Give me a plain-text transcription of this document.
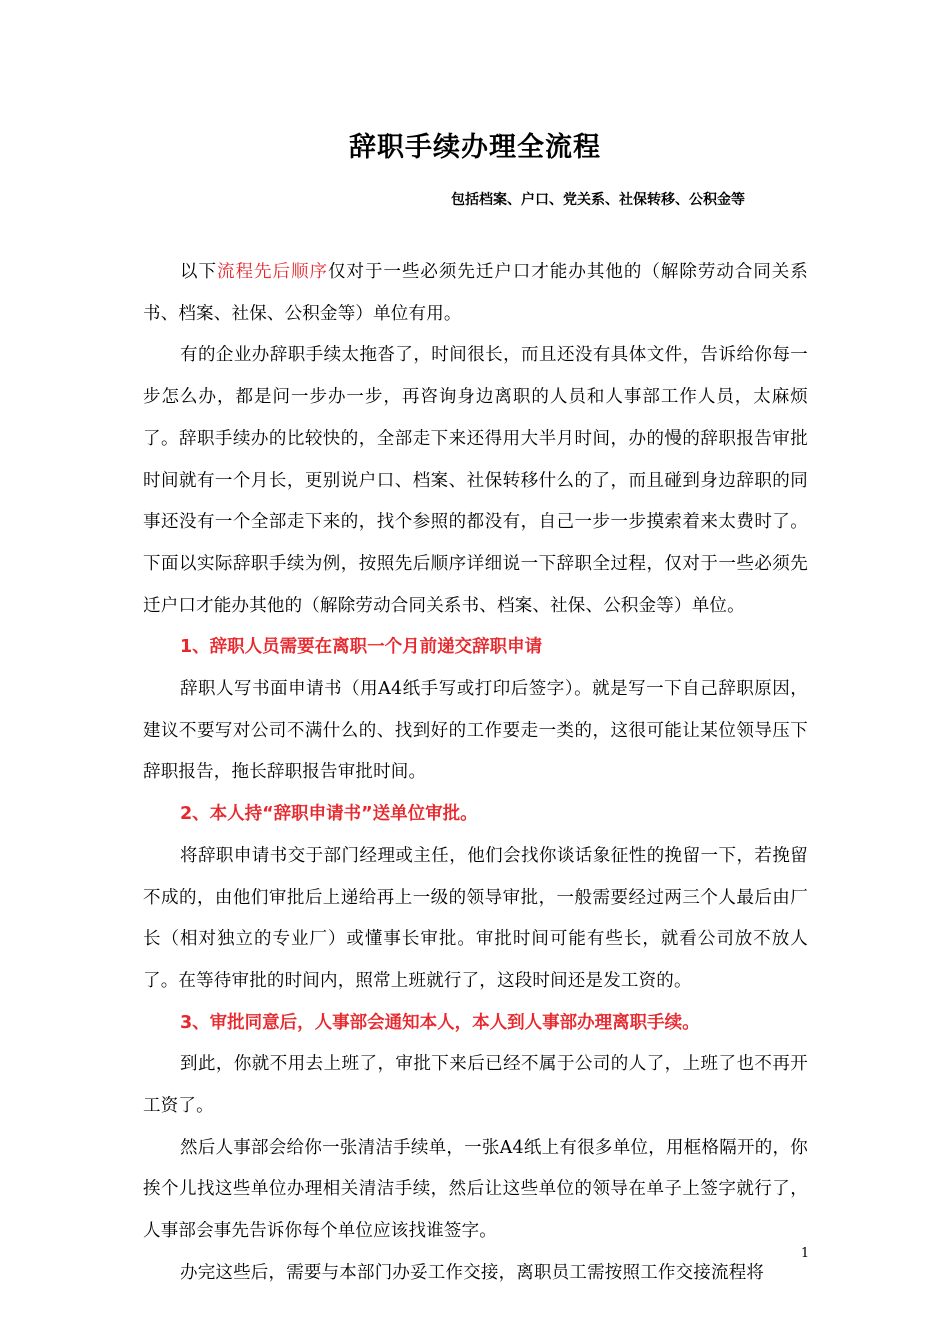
辞职手续办理全流程
包括档案、户口、党关系、社保转移、公积金等

以下流程先后顺序仅对于一些必须先迁户口才能办其他的（解除劳动合同关系书、档案、社保、公积金等）单位有用。

有的企业办辞职手续太拖沓了，时间很长，而且还没有具体文件，告诉给你每一步怎么办，都是问一步办一步，再咨询身边离职的人员和人事部工作人员，太麻烦了。辞职手续办的比较快的，全部走下来还得用大半月时间，办的慢的辞职报告审批时间就有一个月长，更别说户口、档案、社保转移什么的了，而且碰到身边辞职的同事还没有一个全部走下来的，找个参照的都没有，自己一步一步摸索着来太费时了。下面以实际辞职手续为例，按照先后顺序详细说一下辞职全过程，仅对于一些必须先迁户口才能办其他的（解除劳动合同关系书、档案、社保、公积金等）单位。

1、辞职人员需要在离职一个月前递交辞职申请

辞职人写书面申请书（用A4纸手写或打印后签字）。就是写一下自己辞职原因，建议不要写对公司不满什么的、找到好的工作要走一类的，这很可能让某位领导压下辞职报告，拖长辞职报告审批时间。

2、本人持“辞职申请书”送单位审批。

将辞职申请书交于部门经理或主任，他们会找你谈话象征性的挽留一下，若挽留不成的，由他们审批后上递给再上一级的领导审批，一般需要经过两三个人最后由厂长（相对独立的专业厂）或懂事长审批。审批时间可能有些长，就看公司放不放人了。在等待审批的时间内，照常上班就行了，这段时间还是发工资的。

3、审批同意后，人事部会通知本人，本人到人事部办理离职手续。

到此，你就不用去上班了，审批下来后已经不属于公司的人了，上班了也不再开工资了。

然后人事部会给你一张清洁手续单，一张A4纸上有很多单位，用框格隔开的，你挨个儿找这些单位办理相关清洁手续，然后让这些单位的领导在单子上签字就行了，人事部会事先告诉你每个单位应该找谁签字。

办完这些后，需要与本部门办妥工作交接，离职员工需按照工作交接流程将

1
